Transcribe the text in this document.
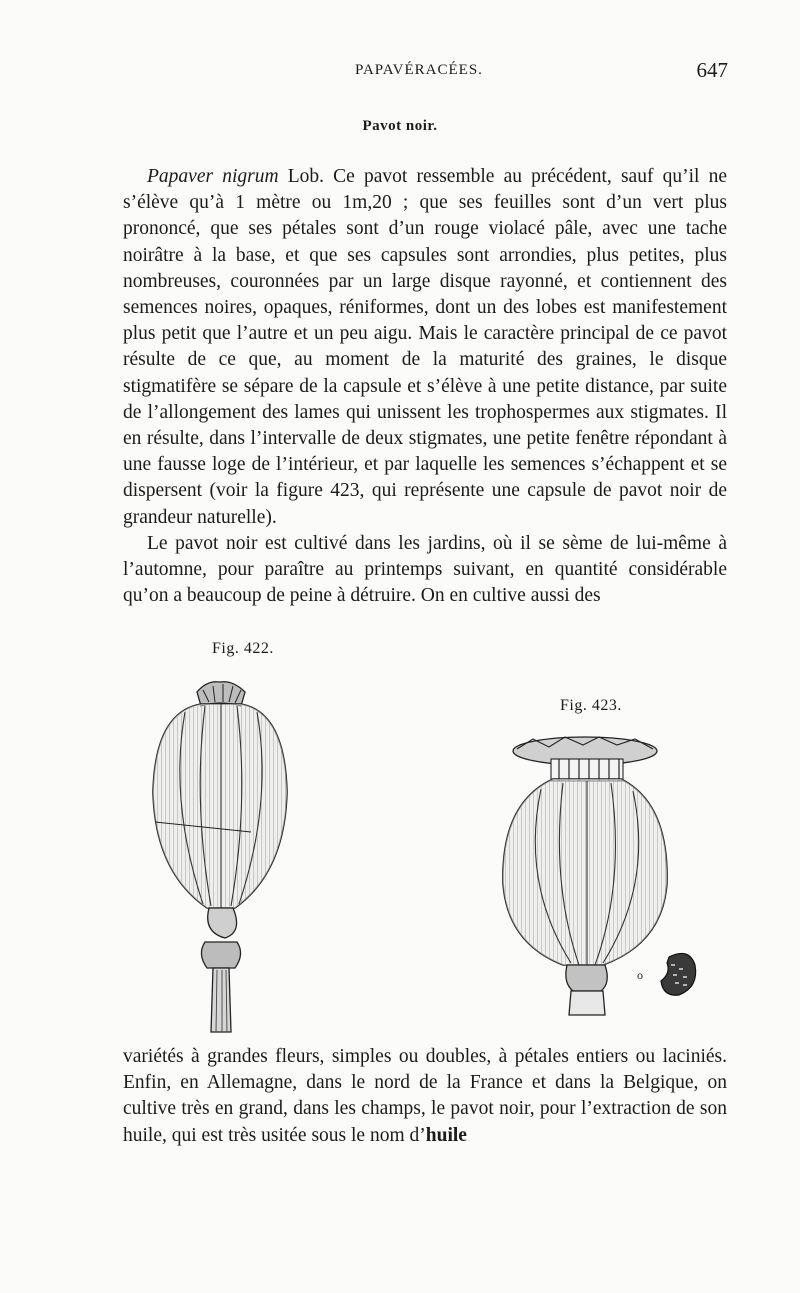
PAPAVÉRACÉES.	647
Pavot noir.

Papaver nigrum Lob. Ce pavot ressemble au précédent, sauf qu’il ne s’élève qu’à 1 mètre ou 1m,20 ; que ses feuilles sont d’un vert plus prononcé, que ses pétales sont d’un rouge violacé pâle, avec une tache noirâtre à la base, et que ses capsules sont arrondies, plus petites, plus nombreuses, couronnées par un large disque rayonné, et contiennent des semences noires, opaques, réniformes, dont un des lobes est manifestement plus petit que l’autre et un peu aigu. Mais le caractère principal de ce pavot résulte de ce que, au moment de la maturité des graines, le disque stigmatifère se sépare de la capsule et s’élève à une petite distance, par suite de l’allongement des lames qui unissent les trophospermes aux stigmates. Il en résulte, dans l’intervalle de deux stigmates, une petite fenêtre répondant à une fausse loge de l’intérieur, et par laquelle les semences s’échappent et se dispersent (voir la figure 423, qui représente une capsule de pavot noir de grandeur naturelle).

Le pavot noir est cultivé dans les jardins, où il se sème de lui-même à l’automne, pour paraître au printemps suivant, en quantité considérable qu’on a beaucoup de peine à détruire. On en cultive aussi des

Fig. 422.
Fig. 423.
o

variétés à grandes fleurs, simples ou doubles, à pétales entiers ou laciniés. Enfin, en Allemagne, dans le nord de la France et dans la Belgique, on cultive très en grand, dans les champs, le pavot noir, pour l’extraction de son huile, qui est très usitée sous le nom d’huile
